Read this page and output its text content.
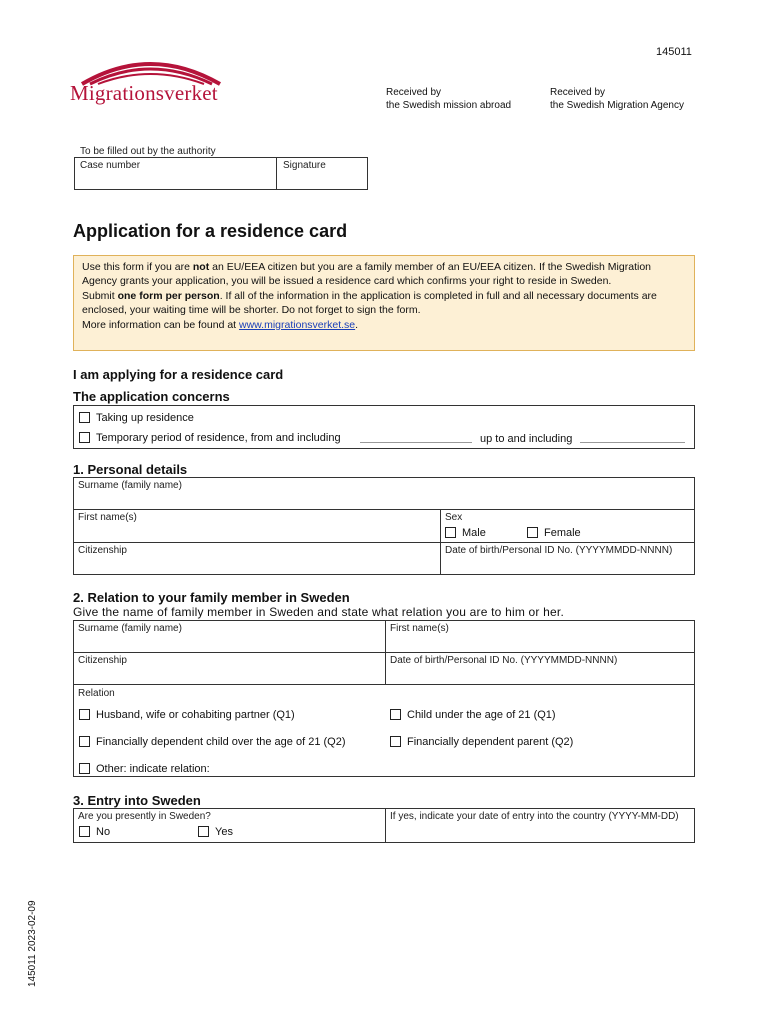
145011
Migrationsverket	Received by
the Swedish mission abroad
Received by
the Swedish Migration Agency
To be filled out by the authority
Case number	Signature
Application for a residence card
Use this form if you are not an EU/EEA citizen but you are a family member of an EU/EEA citizen. If the Swedish Migration Agency grants your application, you will be issued a residence card which confirms your right to reside in Sweden.
Submit one form per person. If all of the information in the application is completed in full and all necessary documents are enclosed, your waiting time will be shorter. Do not forget to sign the form.
More information can be found at www.migrationsverket.se.
I am applying for a residence card
The application concerns
Taking up residence
Temporary period of residence, from and including	up to and including
1. Personal details
Surname (family name)
First name(s)	Sex
Male	Female
Citizenship	Date of birth/Personal ID No. (YYYYMMDD-NNNN)
2. Relation to your family member in Sweden
Give the name of family member in Sweden and state what relation you are to him or her.
Surname (family name)	First name(s)
Citizenship	Date of birth/Personal ID No. (YYYYMMDD-NNNN)
Relation
Husband, wife or cohabiting partner (Q1)	Child under the age of 21 (Q1)
Financially dependent child over the age of 21 (Q2)	Financially dependent parent (Q2)
Other: indicate relation:
3. Entry into Sweden
Are you presently in Sweden?
No	Yes
If yes, indicate your date of entry into the country (YYYY-MM-DD)
145011 2023-02-09
